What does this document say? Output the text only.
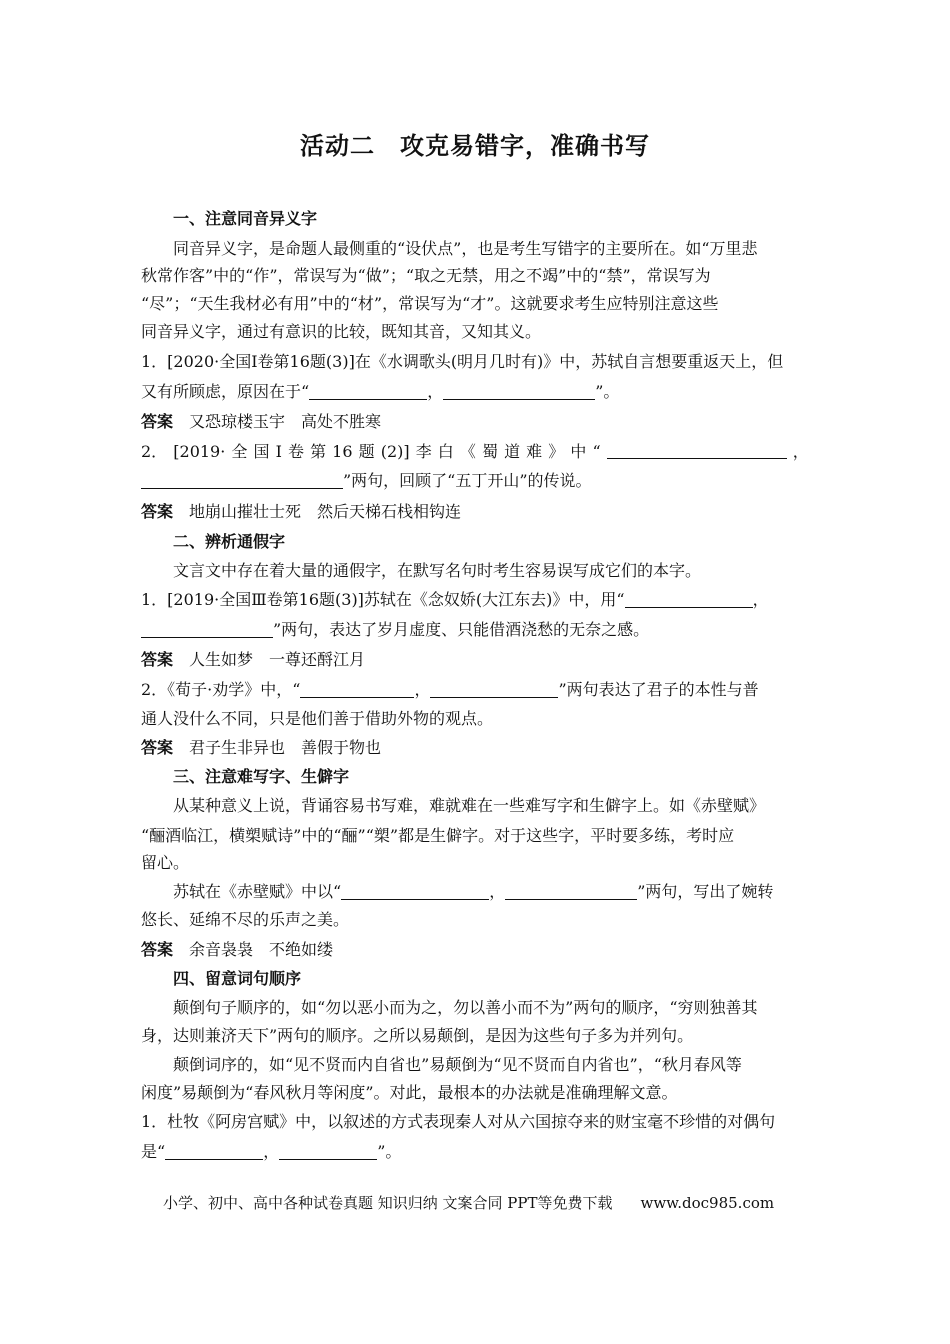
活动二　攻克易错字，准确书写
一、注意同音异义字
同音异义字，是命题人最侧重的“设伏点”，也是考生写错字的主要所在。如“万里悲
秋常作客”中的“作”，常误写为“做”；“取之无禁，用之不竭”中的“禁”，常误写为
“尽”；“天生我材必有用”中的“材”，常误写为“才”。这就要求考生应特别注意这些
同音异义字，通过有意识的比较，既知其音，又知其义。
1．[2020·全国Ⅰ卷第16题(3)]在《水调歌头(明月几时有)》中，苏轼自言想要重返天上，但
又有所顾虑，原因在于“	，	”。
答案 又恐琼楼玉宇　高处不胜寒
2． [2019· 全 国 Ⅰ 卷 第 16 题 (2)] 李 白 《 蜀 道 难 》 中 “	，
”两句，回顾了“五丁开山”的传说。
答案 地崩山摧壮士死　然后天梯石栈相钩连
二、辨析通假字
文言文中存在着大量的通假字，在默写名句时考生容易误写成它们的本字。
1．[2019·全国Ⅲ卷第16题(3)]苏轼在《念奴娇(大江东去)》中，用“	，
”两句，表达了岁月虚度、只能借酒浇愁的无奈之感。
答案 人生如梦　一尊还酹江月
2．《荀子·劝学》中，“	，	”两句表达了君子的本性与普
通人没什么不同，只是他们善于借助外物的观点。
答案 君子生非异也　善假于物也
三、注意难写字、生僻字
从某种意义上说，背诵容易书写难，难就难在一些难写字和生僻字上。如《赤壁赋》
“酾酒临江，横槊赋诗”中的“酾”“槊”都是生僻字。对于这些字，平时要多练，考时应
留心。
苏轼在《赤壁赋》中以“	，	”两句，写出了婉转
悠长、延绵不尽的乐声之美。
答案 余音袅袅　不绝如缕
四、留意词句顺序
颠倒句子顺序的，如“勿以恶小而为之，勿以善小而不为”两句的顺序，“穷则独善其
身，达则兼济天下”两句的顺序。之所以易颠倒，是因为这些句子多为并列句。
颠倒词序的，如“见不贤而内自省也”易颠倒为“见不贤而自内省也”，“秋月春风等
闲度”易颠倒为“春风秋月等闲度”。对此，最根本的办法就是准确理解文意。
1．杜牧《阿房宫赋》中，以叙述的方式表现秦人对从六国掠夺来的财宝毫不珍惜的对偶句
是“	，	”。
小学、初中、高中各种试卷真题 知识归纳 文案合同 PPT等免费下载 www.doc985.com
